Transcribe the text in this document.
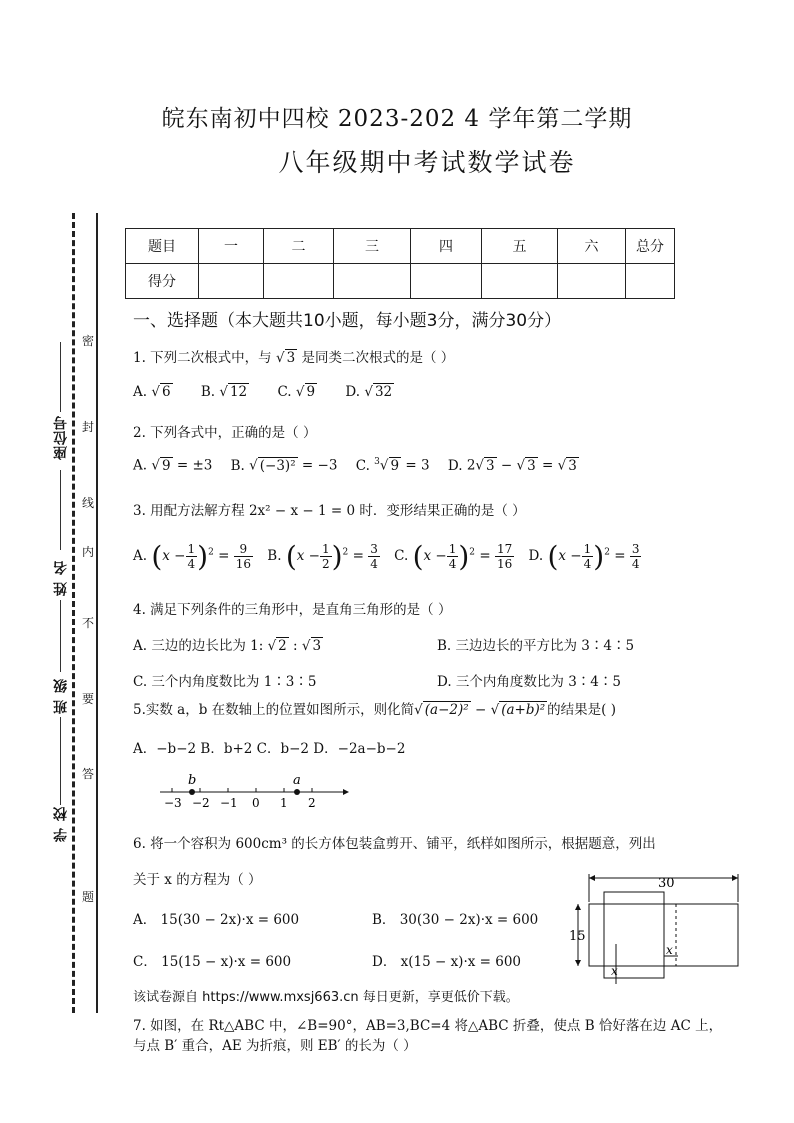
皖东南初中四校 2023-202 4 学年第二学期
八年级期中考试数学试卷
座位号
姓 名
班 级
学 校
密
封
线
内
不
要
答
题
题目	一	二	三	四	五	六	总分
得分							
一、选择题（本大题共10小题，每小题3分，满分30分）
1. 下列二次根式中，与 √ 3 是同类二次根式的是（ ）
A. √ 6 B. √ 12 C. √ 9 D. √ 32
2. 下列各式中，正确的是（ ）
A. √ 9 = ±3 B. √ (−3)² = −3 C. $^3$√ 9 = 3 D. 2√ 3 − √ 3 = √ 3
3. 用配方法解方程 2x² − x − 1 = 0 时．变形结果正确的是（ ）
A. $(x - \frac{1}{4} )^2 = \frac{9}{16} B$. $(x - \frac{1}{2} )^2 = \frac{3}{4} C$. $(x - \frac{1}{4} )^2 = \frac{17}{16} D$. $(x - \frac{1}{4} )^2 = \frac{3}{4}$
4. 满足下列条件的三角形中，是直角三角形的是（ ）
A. 三边的边长比为 1: √ 2 : √ 3	B. 三边边长的平方比为 3∶4∶5
C. 三个内角度数比为 1∶3∶5	D. 三个内角度数比为 3∶4∶5
5.实数 a，b 在数轴上的位置如图所示，则化简√ (a−2)² − √ (a+b)² 的结果是( )
A．−b−2 B．b+2 C．b−2 D．−2a−b−2
−3 −2 −1 0 1 2
b	a
6. 将一个容积为 600cm³ 的长方体包装盒剪开、铺平，纸样如图所示，根据题意，列出
关于 x 的方程为（ ）
A． 15(30 − 2x)·x = 600	B． 30(30 − 2x)·x = 600
C． 15(15 − x)·x = 600	D． x(15 − x)·x = 600
30
15
x
x
该试卷源自 https://www.mxsj663.cn 每日更新，享更低价下载。
7. 如图，在 Rt△ABC 中，∠B=90°，AB=3,BC=4 将△ABC 折叠，使点 B 恰好落在边 AC 上，
与点 B′ 重合，AE 为折痕，则 EB′ 的长为（ ）
